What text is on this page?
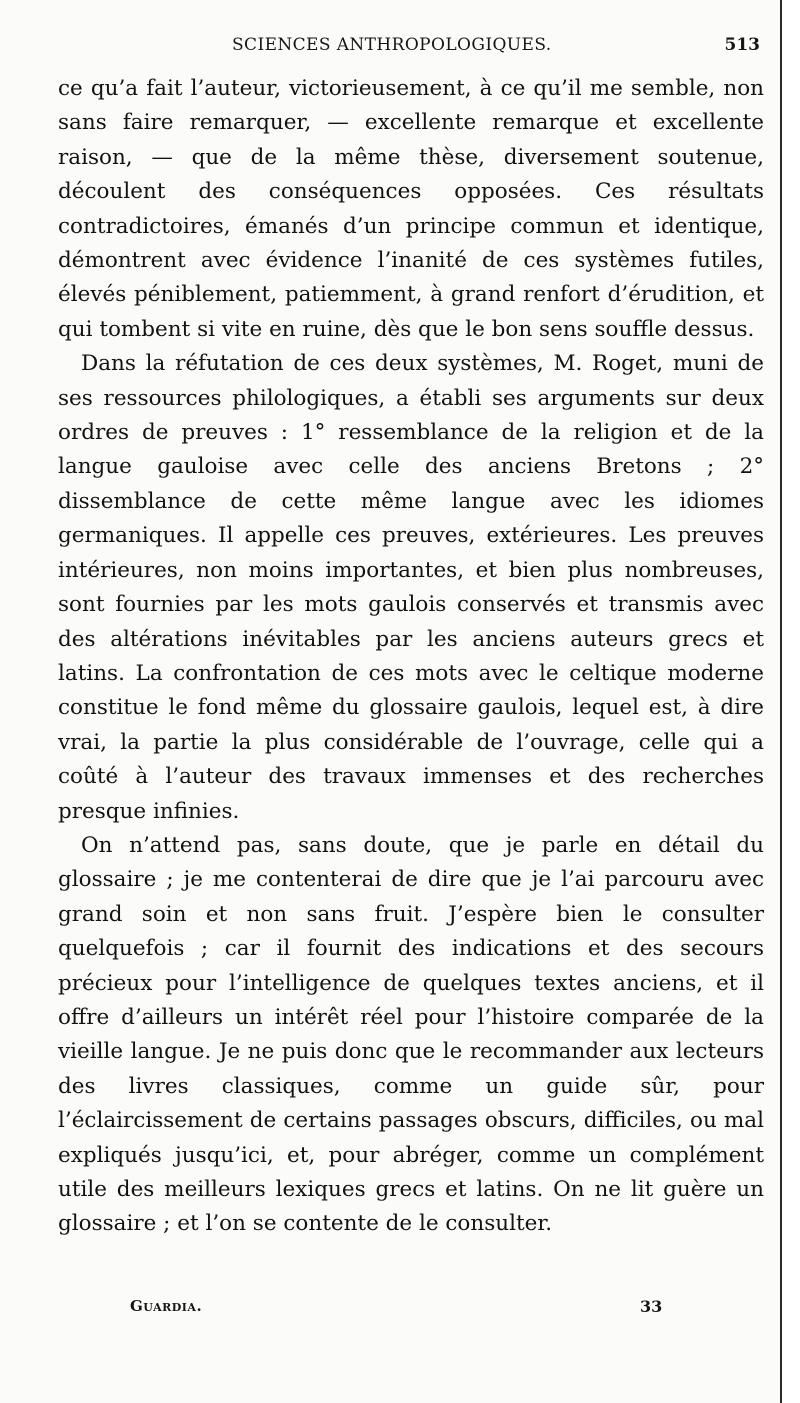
SCIENCES ANTHROPOLOGIQUES.	513

ce qu’a fait l’auteur, victorieusement, à ce qu’il me semble, non sans faire remarquer, — excellente remarque et excellente raison, — que de la même thèse, diversement soutenue, découlent des conséquences opposées. Ces résultats contradictoires, émanés d’un principe commun et identique, démontrent avec évidence l’inanité de ces systèmes futiles, élevés péniblement, patiemment, à grand renfort d’érudition, et qui tombent si vite en ruine, dès que le bon sens souffle dessus.

Dans la réfutation de ces deux systèmes, M. Roget, muni de ses ressources philologiques, a établi ses arguments sur deux ordres de preuves : 1° ressemblance de la religion et de la langue gauloise avec celle des anciens Bretons ; 2° dissemblance de cette même langue avec les idiomes germaniques. Il appelle ces preuves, extérieures. Les preuves intérieures, non moins importantes, et bien plus nombreuses, sont fournies par les mots gaulois conservés et transmis avec des altérations inévitables par les anciens auteurs grecs et latins. La confrontation de ces mots avec le celtique moderne constitue le fond même du glossaire gaulois, lequel est, à dire vrai, la partie la plus considérable de l’ouvrage, celle qui a coûté à l’auteur des travaux immenses et des recherches presque infinies.

On n’attend pas, sans doute, que je parle en détail du glossaire ; je me contenterai de dire que je l’ai parcouru avec grand soin et non sans fruit. J’espère bien le consulter quelquefois ; car il fournit des indications et des secours précieux pour l’intelligence de quelques textes anciens, et il offre d’ailleurs un intérêt réel pour l’histoire comparée de la vieille langue. Je ne puis donc que le recommander aux lecteurs des livres classiques, comme un guide sûr, pour l’éclaircissement de certains passages obscurs, difficiles, ou mal expliqués jusqu’ici, et, pour abréger, comme un complément utile des meilleurs lexiques grecs et latins. On ne lit guère un glossaire ; et l’on se contente de le consulter.

Guardia.	33
